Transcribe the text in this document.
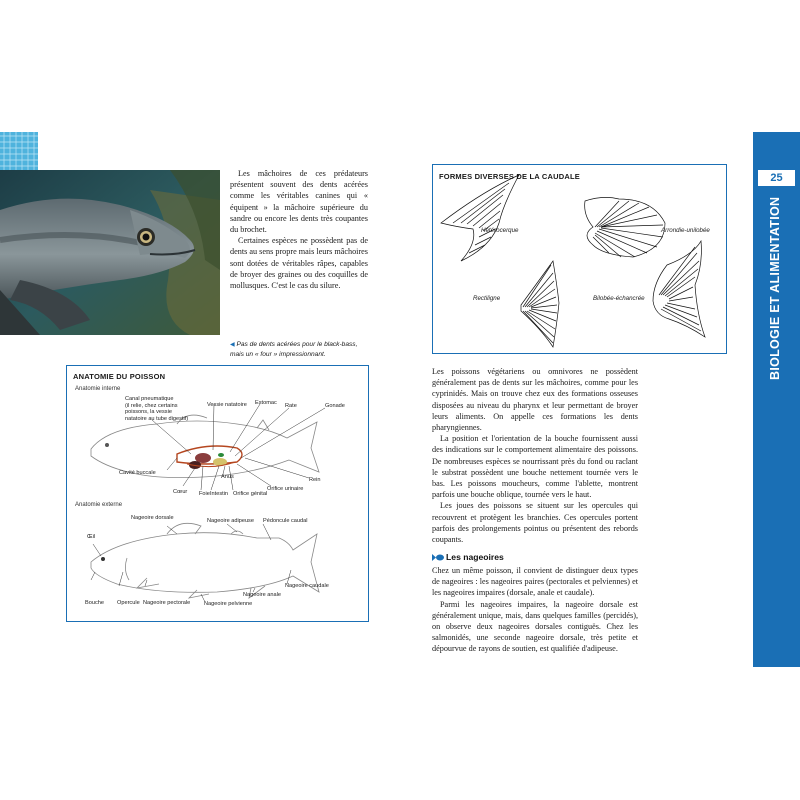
Les mâchoires de ces prédateurs présentent souvent des dents acérées comme les véritables canines qui « équipent » la mâchoire supérieure du sandre ou encore les dents très coupantes du brochet.

Certaines espèces ne possèdent pas de dents au sens propre mais leurs mâchoires sont dotées de véritables râpes, capables de broyer des graines ou des coquilles de mollusques. C'est le cas du silure.

◀ Pas de dents acérées pour le black-bass,
mais un « four » impressionnant.
ANATOMIE DU POISSON
Anatomie interne
Canal pneumatique
(il relie, chez certains
poissons, la vessie
natatoire au tube digestif)
Vessie natatoire Estomac Rate	Gonade
Cavité buccale
Cœur Foie Intestin
Anus
Orifice génital
Orifice urinaire
Rein
Anatomie externe
Œil
Nageoire dorsale	Nageoire adipeuse Pédoncule caudal
Bouche Opercule Nageoire pectorale Nageoire pelvienne
Nageoire anale
Nageoire caudale
FORMES DIVERSES DE LA CAUDALE
Hétérocerque	Arrondie-unilobée
Rectiligne	Bilobée-échancrée

Les poissons végétariens ou omnivores ne possèdent généralement pas de dents sur les mâchoires, comme pour les cyprinidés. Mais on trouve chez eux des formations osseuses disposées au niveau du pharynx et leur permettant de broyer leurs aliments. On appelle ces formations les dents pharyngiennes.

La position et l'orientation de la bouche fournissent aussi des indications sur le comportement alimentaire des poissons. De nombreuses espèces se nourrissant près du fond ou raclant le substrat possèdent une bouche nettement tournée vers le bas. Les poissons moucheurs, comme l'ablette, montrent parfois une bouche oblique, tournée vers le haut.

Les joues des poissons se situent sur les opercules qui recouvrent et protègent les branchies. Ces opercules portent parfois des prolongements pointus ou présentent des rebords coupants.

Les nageoires

Chez un même poisson, il convient de distinguer deux types de nageoires : les nageoires paires (pectorales et pelviennes) et les nageoires impaires (dorsale, anale et caudale).

Parmi les nageoires impaires, la nageoire dorsale est généralement unique, mais, dans quelques familles (percidés), on observe deux nageoires dorsales contiguës. Chez les salmonidés, une seconde nageoire dorsale, très petite et dépourvue de rayons de soutien, est qualifiée d'adipeuse.

25
BIOLOGIE ET ALIMENTATION
